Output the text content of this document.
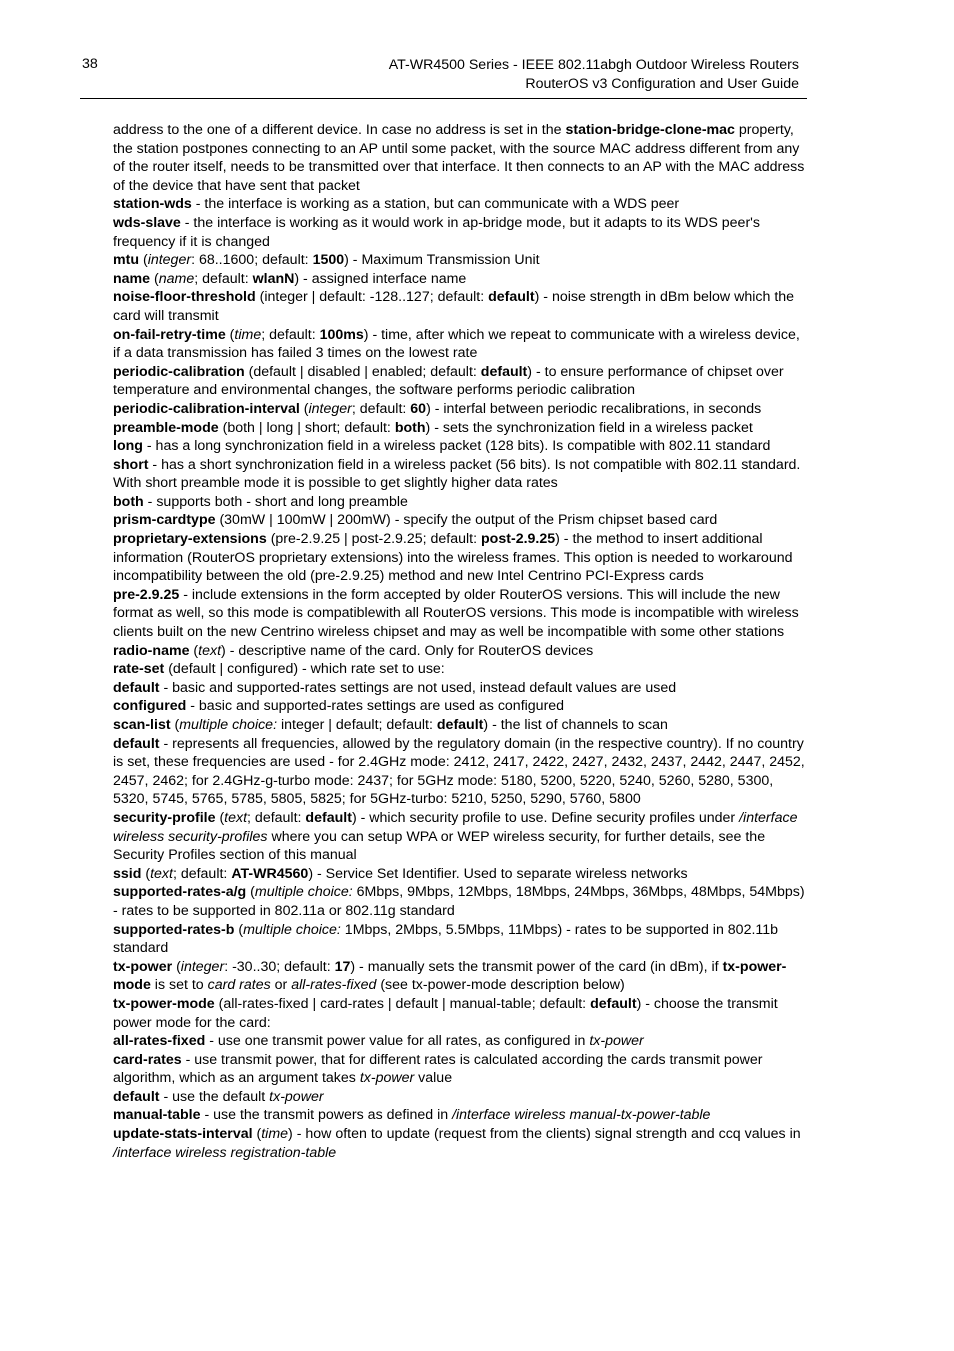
38	AT-WR4500 Series - IEEE 802.11abgh Outdoor Wireless Routers
RouterOS v3 Configuration and User Guide

address to the one of a different device. In case no address is set in the station-bridge-clone-mac property, the station postpones connecting to an AP until some packet, with the source MAC address different from any of the router itself, needs to be transmitted over that interface. It then connects to an AP with the MAC address of the device that have sent that packet

station-wds - the interface is working as a station, but can communicate with a WDS peer

wds-slave - the interface is working as it would work in ap-bridge mode, but it adapts to its WDS peer's frequency if it is changed

mtu (integer: 68..1600; default: 1500) - Maximum Transmission Unit

name (name; default: wlanN) - assigned interface name

noise-floor-threshold (integer | default: -128..127; default: default) - noise strength in dBm below which the card will transmit

on-fail-retry-time (time; default: 100ms) - time, after which we repeat to communicate with a wireless device, if a data transmission has failed 3 times on the lowest rate

periodic-calibration (default | disabled | enabled; default: default) - to ensure performance of chipset over temperature and environmental changes, the software performs periodic calibration

periodic-calibration-interval (integer; default: 60) - interfal between periodic recalibrations, in seconds

preamble-mode (both | long | short; default: both) - sets the synchronization field in a wireless packet

long - has a long synchronization field in a wireless packet (128 bits). Is compatible with 802.11 standard

short - has a short synchronization field in a wireless packet (56 bits). Is not compatible with 802.11 standard. With short preamble mode it is possible to get slightly higher data rates

both - supports both - short and long preamble

prism-cardtype (30mW | 100mW | 200mW) - specify the output of the Prism chipset based card

proprietary-extensions (pre-2.9.25 | post-2.9.25; default: post-2.9.25) - the method to insert additional information (RouterOS proprietary extensions) into the wireless frames. This option is needed to workaround incompatibility between the old (pre-2.9.25) method and new Intel Centrino PCI-Express cards

pre-2.9.25 - include extensions in the form accepted by older RouterOS versions. This will include the new format as well, so this mode is compatiblewith all RouterOS versions. This mode is incompatible with wireless clients built on the new Centrino wireless chipset and may as well be incompatible with some other stations

radio-name (text) - descriptive name of the card. Only for RouterOS devices

rate-set (default | configured) - which rate set to use:

default - basic and supported-rates settings are not used, instead default values are used

configured - basic and supported-rates settings are used as configured

scan-list (multiple choice: integer | default; default: default) - the list of channels to scan

default - represents all frequencies, allowed by the regulatory domain (in the respective country). If no country is set, these frequencies are used - for 2.4GHz mode: 2412, 2417, 2422, 2427, 2432, 2437, 2442, 2447, 2452, 2457, 2462; for 2.4GHz-g-turbo mode: 2437; for 5GHz mode: 5180, 5200, 5220, 5240, 5260, 5280, 5300, 5320, 5745, 5765, 5785, 5805, 5825; for 5GHz-turbo: 5210, 5250, 5290, 5760, 5800

security-profile (text; default: default) - which security profile to use. Define security profiles under /interface wireless security-profiles where you can setup WPA or WEP wireless security, for further details, see the Security Profiles section of this manual

ssid (text; default: AT-WR4560) - Service Set Identifier. Used to separate wireless networks

supported-rates-a/g (multiple choice: 6Mbps, 9Mbps, 12Mbps, 18Mbps, 24Mbps, 36Mbps, 48Mbps, 54Mbps) - rates to be supported in 802.11a or 802.11g standard

supported-rates-b (multiple choice: 1Mbps, 2Mbps, 5.5Mbps, 11Mbps) - rates to be supported in 802.11b standard

tx-power (integer: -30..30; default: 17) - manually sets the transmit power of the card (in dBm), if tx-power-mode is set to card rates or all-rates-fixed (see tx-power-mode description below)

tx-power-mode (all-rates-fixed | card-rates | default | manual-table; default: default) - choose the transmit power mode for the card:

all-rates-fixed - use one transmit power value for all rates, as configured in tx-power

card-rates - use transmit power, that for different rates is calculated according the cards transmit power algorithm, which as an argument takes tx-power value

default - use the default tx-power

manual-table - use the transmit powers as defined in /interface wireless manual-tx-power-table

update-stats-interval (time) - how often to update (request from the clients) signal strength and ccq values in /interface wireless registration-table
